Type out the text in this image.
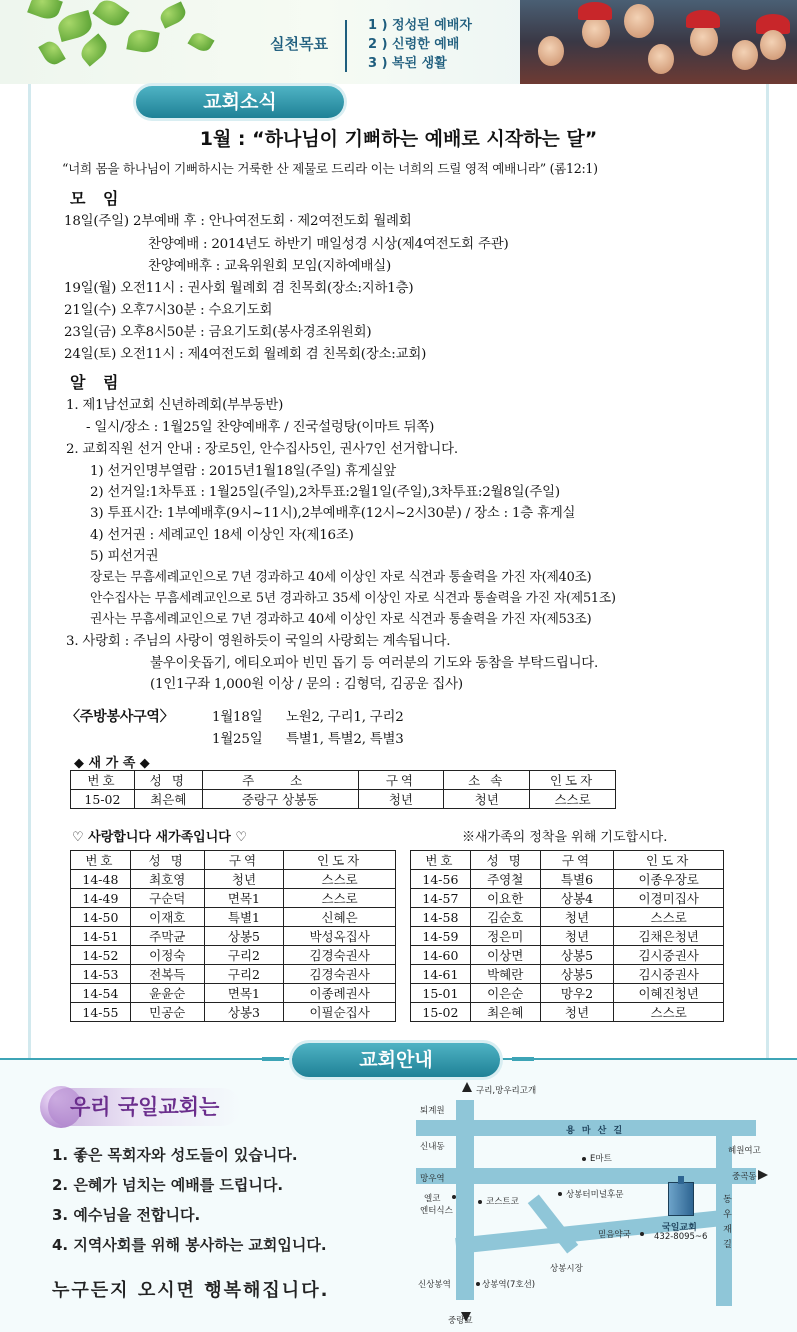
실천목표
1 ) 정성된 예배자
2 ) 신령한 예배
3 ) 복된 생활
교회소식
1월 : “하나님이 기뻐하는 예배로 시작하는 달”
“너희 몸을 하나님이 기뻐하시는 거룩한 산 제물로 드리라 이는 너희의 드릴 영적 예배니라” (롬12:1)
모 임
18일(주일) 2부예배 후 : 안나여전도회 · 제2여전도회 월례회
찬양예배 : 2014년도 하반기 매일성경 시상(제4여전도회 주관)
찬양예배후 : 교육위원회 모임(지하예배실)
19일(월) 오전11시 : 권사회 월례회 겸 친목회(장소:지하1층)
21일(수) 오후7시30분 : 수요기도회
23일(금) 오후8시50분 : 금요기도회(봉사경조위원회)
24일(토) 오전11시 : 제4여전도회 월례회 겸 친목회(장소:교회)
알 림
1. 제1남선교회 신년하례회(부부동반)
- 일시/장소 : 1월25일 찬양예배후 / 진국설렁탕(이마트 뒤쪽)
2. 교회직원 선거 안내 : 장로5인, 안수집사5인, 권사7인 선거합니다.
1) 선거인명부열람 : 2015년1월18일(주일) 휴게실앞
2) 선거일:1차투표 : 1월25일(주일),2차투표:2월1일(주일),3차투표:2월8일(주일)
3) 투표시간: 1부예배후(9시~11시),2부예배후(12시~2시30분) / 장소 : 1층 휴게실
4) 선거권 : 세례교인 18세 이상인 자(제16조)
5) 피선거권
장로는 무흠세례교인으로 7년 경과하고 40세 이상인 자로 식견과 통솔력을 가진 자(제40조)
안수집사는 무흠세례교인으로 5년 경과하고 35세 이상인 자로 식견과 통솔력을 가진 자(제51조)
권사는 무흠세례교인으로 7년 경과하고 40세 이상인 자로 식견과 통솔력을 가진 자(제53조)
3. 사랑회 : 주님의 사랑이 영원하듯이 국일의 사랑회는 계속됩니다.
불우이웃돕기, 에티오피아 빈민 돕기 등 여러분의 기도와 동참을 부탁드립니다.
(1인1구좌 1,000원 이상 / 문의 : 김형덕, 김공운 집사)
〈주방봉사구역〉	1월18일 노원2, 구리1, 구리2
1월25일 특별1, 특별2, 특별3
◆ 새 가 족 ◆
번호	성 명	주 소	구역	소 속	인도자
15-02	최은혜	중랑구 상봉동	청년	청년	스스로
♡ 사랑합니다 새가족입니다 ♡	※새가족의 정착을 위해 기도합시다.
번호	성 명	구역	인도자
14-48	최호영	청년	스스로
14-49	구순덕	면목1	스스로
14-50	이재호	특별1	신혜은
14-51	주막균	상봉5	박성옥집사
14-52	이정숙	구리2	김경숙권사
14-53	전복득	구리2	김경숙권사
14-54	윤윤순	면목1	이종례권사
14-55	민공순	상봉3	이필순집사
번호	성 명	구역	인도자
14-56	주영철	특별6	이종우장로
14-57	이요한	상봉4	이경미집사
14-58	김순호	청년	스스로
14-59	정은미	청년	김채은청년
14-60	이상면	상봉5	김시중권사
14-61	박혜란	상봉5	김시중권사
15-01	이은순	망우2	이혜진청년
15-02	최은혜	청년	스스로
교회안내
우리 국일교회는
1. 좋은 목회자와 성도들이 있습니다.
2. 은혜가 넘치는 예배를 드립니다.
3. 예수님을 전합니다.
4. 지역사회를 위해 봉사하는 교회입니다.
누구든지 오시면 행복해집니다.
구리,망우리고개
퇴계원
신내동
망우역
용 마 산 길
E마트
혜원여고
중곡동
엘코
엔터식스
코스트코
상봉터미널후문
국일교회
432-8095~6
믿음약국	동우재길
상봉시장
신상봉역	상봉역(7호선)
중랑교
